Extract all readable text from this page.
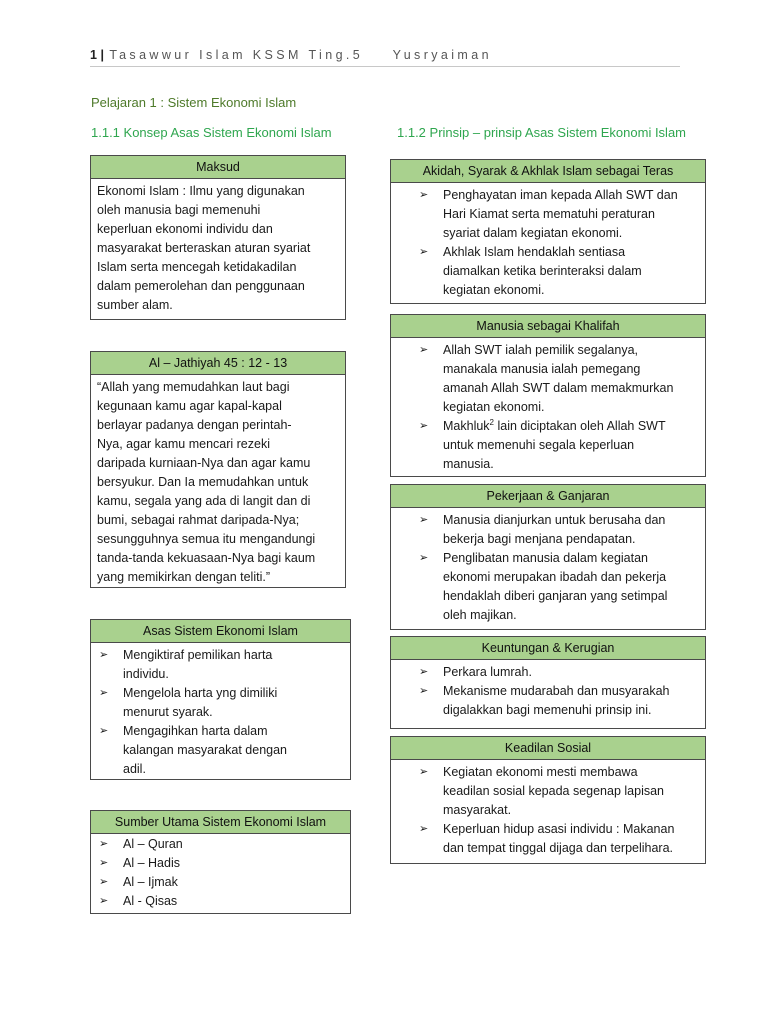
1 | Tasawwur Islam KSSM Ting.5 Yusryaiman
Pelajaran 1 : Sistem Ekonomi Islam
1.1.1 Konsep Asas Sistem Ekonomi Islam	1.1.2 Prinsip – prinsip Asas Sistem Ekonomi Islam
Maksud
Ekonomi Islam : Ilmu yang digunakan
oleh manusia bagi memenuhi
keperluan ekonomi individu dan
masyarakat berteraskan aturan syariat
Islam serta mencegah ketidakadilan
dalam pemerolehan dan penggunaan
sumber alam.
Al – Jathiyah 45 : 12 - 13
“Allah yang memudahkan laut bagi
kegunaan kamu agar kapal-kapal
berlayar padanya dengan perintah-
Nya, agar kamu mencari rezeki
daripada kurniaan-Nya dan agar kamu
bersyukur. Dan Ia memudahkan untuk
kamu, segala yang ada di langit dan di
bumi, sebagai rahmat daripada-Nya;
sesungguhnya semua itu mengandungi
tanda-tanda kekuasaan-Nya bagi kaum
yang memikirkan dengan teliti.”
Asas Sistem Ekonomi Islam
➢ Mengiktiraf pemilikan harta
individu.
➢ Mengelola harta yng dimiliki
menurut syarak.
➢ Mengagihkan harta dalam
kalangan masyarakat dengan
adil.
Sumber Utama Sistem Ekonomi Islam
➢ Al – Quran
➢ Al – Hadis
➢ Al – Ijmak
➢ Al - Qisas
Akidah, Syarak & Akhlak Islam sebagai Teras
➢ Penghayatan iman kepada Allah SWT dan
Hari Kiamat serta mematuhi peraturan
syariat dalam kegiatan ekonomi.
➢ Akhlak Islam hendaklah sentiasa
diamalkan ketika berinteraksi dalam
kegiatan ekonomi.
Manusia sebagai Khalifah
➢ Allah SWT ialah pemilik segalanya,
manakala manusia ialah pemegang
amanah Allah SWT dalam memakmurkan
kegiatan ekonomi.
➢ Makhluk$^2$ lain diciptakan oleh Allah SWT
untuk memenuhi segala keperluan
manusia.
Pekerjaan & Ganjaran
➢ Manusia dianjurkan untuk berusaha dan
bekerja bagi menjana pendapatan.
➢ Penglibatan manusia dalam kegiatan
ekonomi merupakan ibadah dan pekerja
hendaklah diberi ganjaran yang setimpal
oleh majikan.
Keuntungan & Kerugian
➢ Perkara lumrah.
➢ Mekanisme mudarabah dan musyarakah
digalakkan bagi memenuhi prinsip ini.
Keadilan Sosial
➢ Kegiatan ekonomi mesti membawa
keadilan sosial kepada segenap lapisan
masyarakat.
➢ Keperluan hidup asasi individu : Makanan
dan tempat tinggal dijaga dan terpelihara.
